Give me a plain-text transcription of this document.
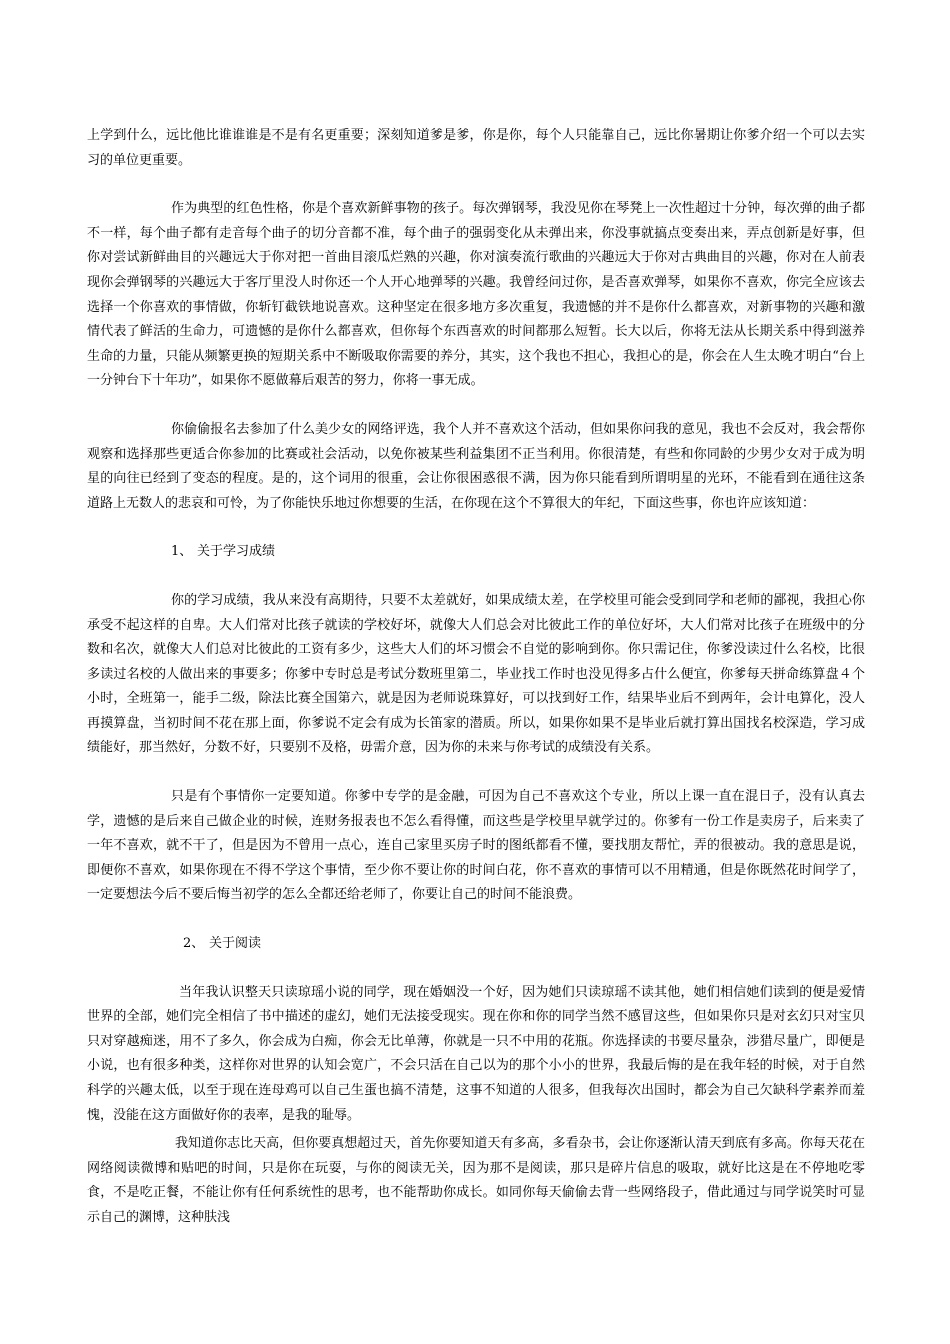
上学到什么，远比他比谁谁谁是不是有名更重要；深刻知道爹是爹，你是你，每个人只能靠自己，远比你暑期让你爹介绍一个可以去实习的单位更重要。

作为典型的红色性格，你是个喜欢新鲜事物的孩子。每次弹钢琴，我没见你在琴凳上一次性超过十分钟，每次弹的曲子都不一样，每个曲子都有走音每个曲子的切分音都不准，每个曲子的强弱变化从未弹出来，你没事就搞点变奏出来，弄点创新是好事，但你对尝试新鲜曲目的兴趣远大于你对把一首曲目滚瓜烂熟的兴趣，你对演奏流行歌曲的兴趣远大于你对古典曲目的兴趣，你对在人前表现你会弹钢琴的兴趣远大于客厅里没人时你还一个人开心地弹琴的兴趣。我曾经问过你，是否喜欢弹琴，如果你不喜欢，你完全应该去选择一个你喜欢的事情做，你斩钉截铁地说喜欢。这种坚定在很多地方多次重复，我遗憾的并不是你什么都喜欢，对新事物的兴趣和激情代表了鲜活的生命力，可遗憾的是你什么都喜欢，但你每个东西喜欢的时间都那么短暂。长大以后，你将无法从长期关系中得到滋养生命的力量，只能从频繁更换的短期关系中不断吸取你需要的养分，其实，这个我也不担心，我担心的是，你会在人生太晚才明白“台上一分钟台下十年功”，如果你不愿做幕后艰苦的努力，你将一事无成。

你偷偷报名去参加了什么美少女的网络评选，我个人并不喜欢这个活动，但如果你问我的意见，我也不会反对，我会帮你观察和选择那些更适合你参加的比赛或社会活动，以免你被某些利益集团不正当利用。你很清楚，有些和你同龄的少男少女对于成为明星的向往已经到了变态的程度。是的，这个词用的很重，会让你很困惑很不满，因为你只能看到所谓明星的光环，不能看到在通往这条道路上无数人的悲哀和可怜，为了你能快乐地过你想要的生活，在你现在这个不算很大的年纪，下面这些事，你也许应该知道：

1、 关于学习成绩

你的学习成绩，我从来没有高期待，只要不太差就好，如果成绩太差，在学校里可能会受到同学和老师的鄙视，我担心你承受不起这样的自卑。大人们常对比孩子就读的学校好坏，就像大人们总会对比彼此工作的单位好坏，大人们常对比孩子在班级中的分数和名次，就像大人们总对比彼此的工资有多少，这些大人们的坏习惯会不自觉的影响到你。你只需记住，你爹没读过什么名校，比很多读过名校的人做出来的事要多；你爹中专时总是考试分数班里第二，毕业找工作时也没见得多占什么便宜，你爹每天拼命练算盘４个小时，全班第一，能手二级，除法比赛全国第六，就是因为老师说珠算好，可以找到好工作，结果毕业后不到两年，会计电算化，没人再摸算盘，当初时间不花在那上面，你爹说不定会有成为长笛家的潜质。所以，如果你如果不是毕业后就打算出国找名校深造，学习成绩能好，那当然好，分数不好，只要别不及格，毋需介意，因为你的未来与你考试的成绩没有关系。

只是有个事情你一定要知道。你爹中专学的是金融，可因为自己不喜欢这个专业，所以上课一直在混日子，没有认真去学，遗憾的是后来自己做企业的时候，连财务报表也不怎么看得懂，而这些是学校里早就学过的。你爹有一份工作是卖房子，后来卖了一年不喜欢，就不干了，但是因为不曾用一点心，连自己家里买房子时的图纸都看不懂，要找朋友帮忙，弄的很被动。我的意思是说，即便你不喜欢，如果你现在不得不学这个事情，至少你不要让你的时间白花，你不喜欢的事情可以不用精通，但是你既然花时间学了，一定要想法今后不要后悔当初学的怎么全都还给老师了，你要让自己的时间不能浪费。

2、 关于阅读

当年我认识整天只读琼瑶小说的同学，现在婚姻没一个好，因为她们只读琼瑶不读其他，她们相信她们读到的便是爱情世界的全部，她们完全相信了书中描述的虚幻，她们无法接受现实。现在你和你的同学当然不感冒这些，但如果你只是对玄幻只对宝贝只对穿越痴迷，用不了多久，你会成为白痴，你会无比单薄，你就是一只不中用的花瓶。你选择读的书要尽量杂，涉猎尽量广，即便是小说，也有很多种类，这样你对世界的认知会宽广，不会只活在自己以为的那个小小的世界，我最后悔的是在我年轻的时候，对于自然科学的兴趣太低，以至于现在连母鸡可以自己生蛋也搞不清楚，这事不知道的人很多，但我每次出国时，都会为自己欠缺科学素养而羞愧，没能在这方面做好你的表率，是我的耻辱。

我知道你志比天高，但你要真想超过天，首先你要知道天有多高，多看杂书，会让你逐渐认清天到底有多高。你每天花在网络阅读微博和贴吧的时间，只是你在玩耍，与你的阅读无关，因为那不是阅读，那只是碎片信息的吸取，就好比这是在不停地吃零食，不是吃正餐，不能让你有任何系统性的思考，也不能帮助你成长。如同你每天偷偷去背一些网络段子，借此通过与同学说笑时可显示自己的渊博，这种肤浅
